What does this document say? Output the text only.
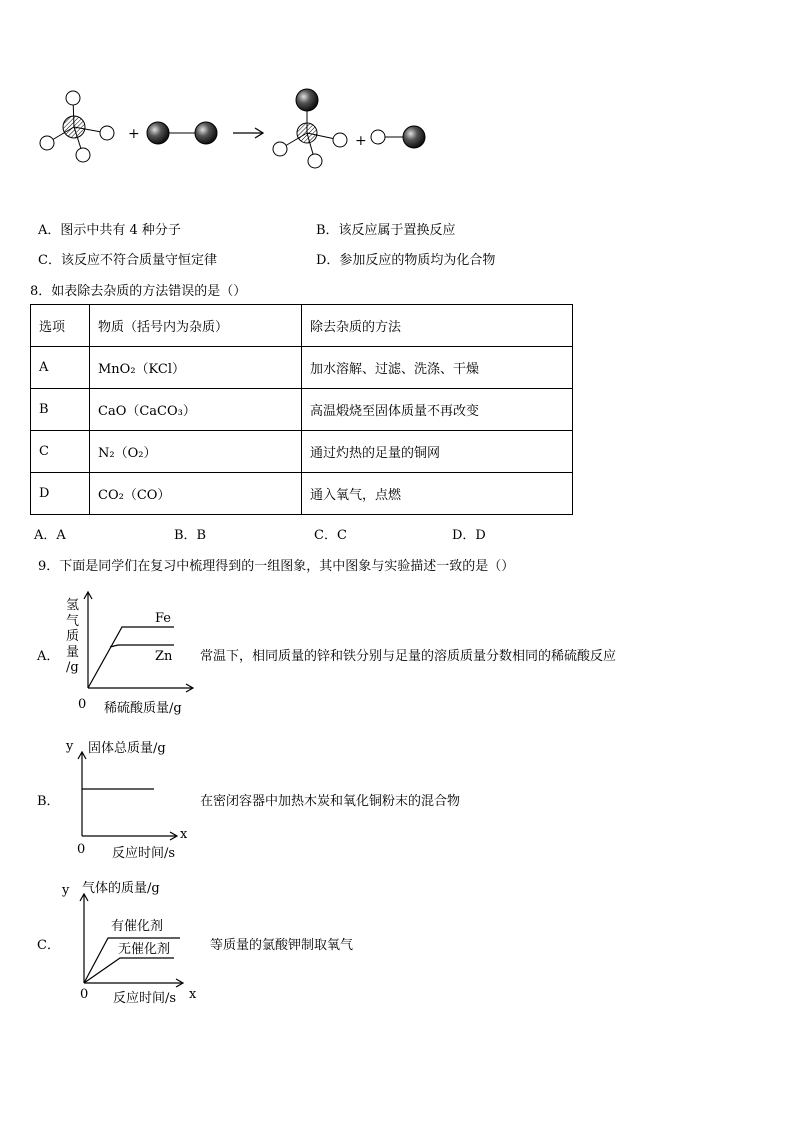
+	+
A．图示中共有 4 种分子	B．该反应属于置换反应
C．该反应不符合质量守恒定律	D．参加反应的物质均为化合物
8．如表除去杂质的方法错误的是（）
选项	物质（括号内为杂质）	除去杂质的方法
A	MnO₂（KCl）	加水溶解、过滤、洗涤、干燥
B	CaO（CaCO₃）	高温煅烧至固体质量不再改变
C	N₂（O₂）	通过灼热的足量的铜网
D	CO₂（CO）	通入氧气，点燃
A．A	B．B	C．C	D．D
9．下面是同学们在复习中梳理得到的一组图象，其中图象与实验描述一致的是（）
A．
氢
气
质
量
/g
Fe
Zn
0 稀硫酸质量/g
常温下，相同质量的锌和铁分别与足量的溶质质量分数相同的稀硫酸反应
B．
y 固体总质量/g
x
0 反应时间/s
在密闭容器中加热木炭和氧化铜粉末的混合物
C．
y 气体的质量/g
有催化剂
无催化剂
0 反应时间/s x
等质量的氯酸钾制取氧气
